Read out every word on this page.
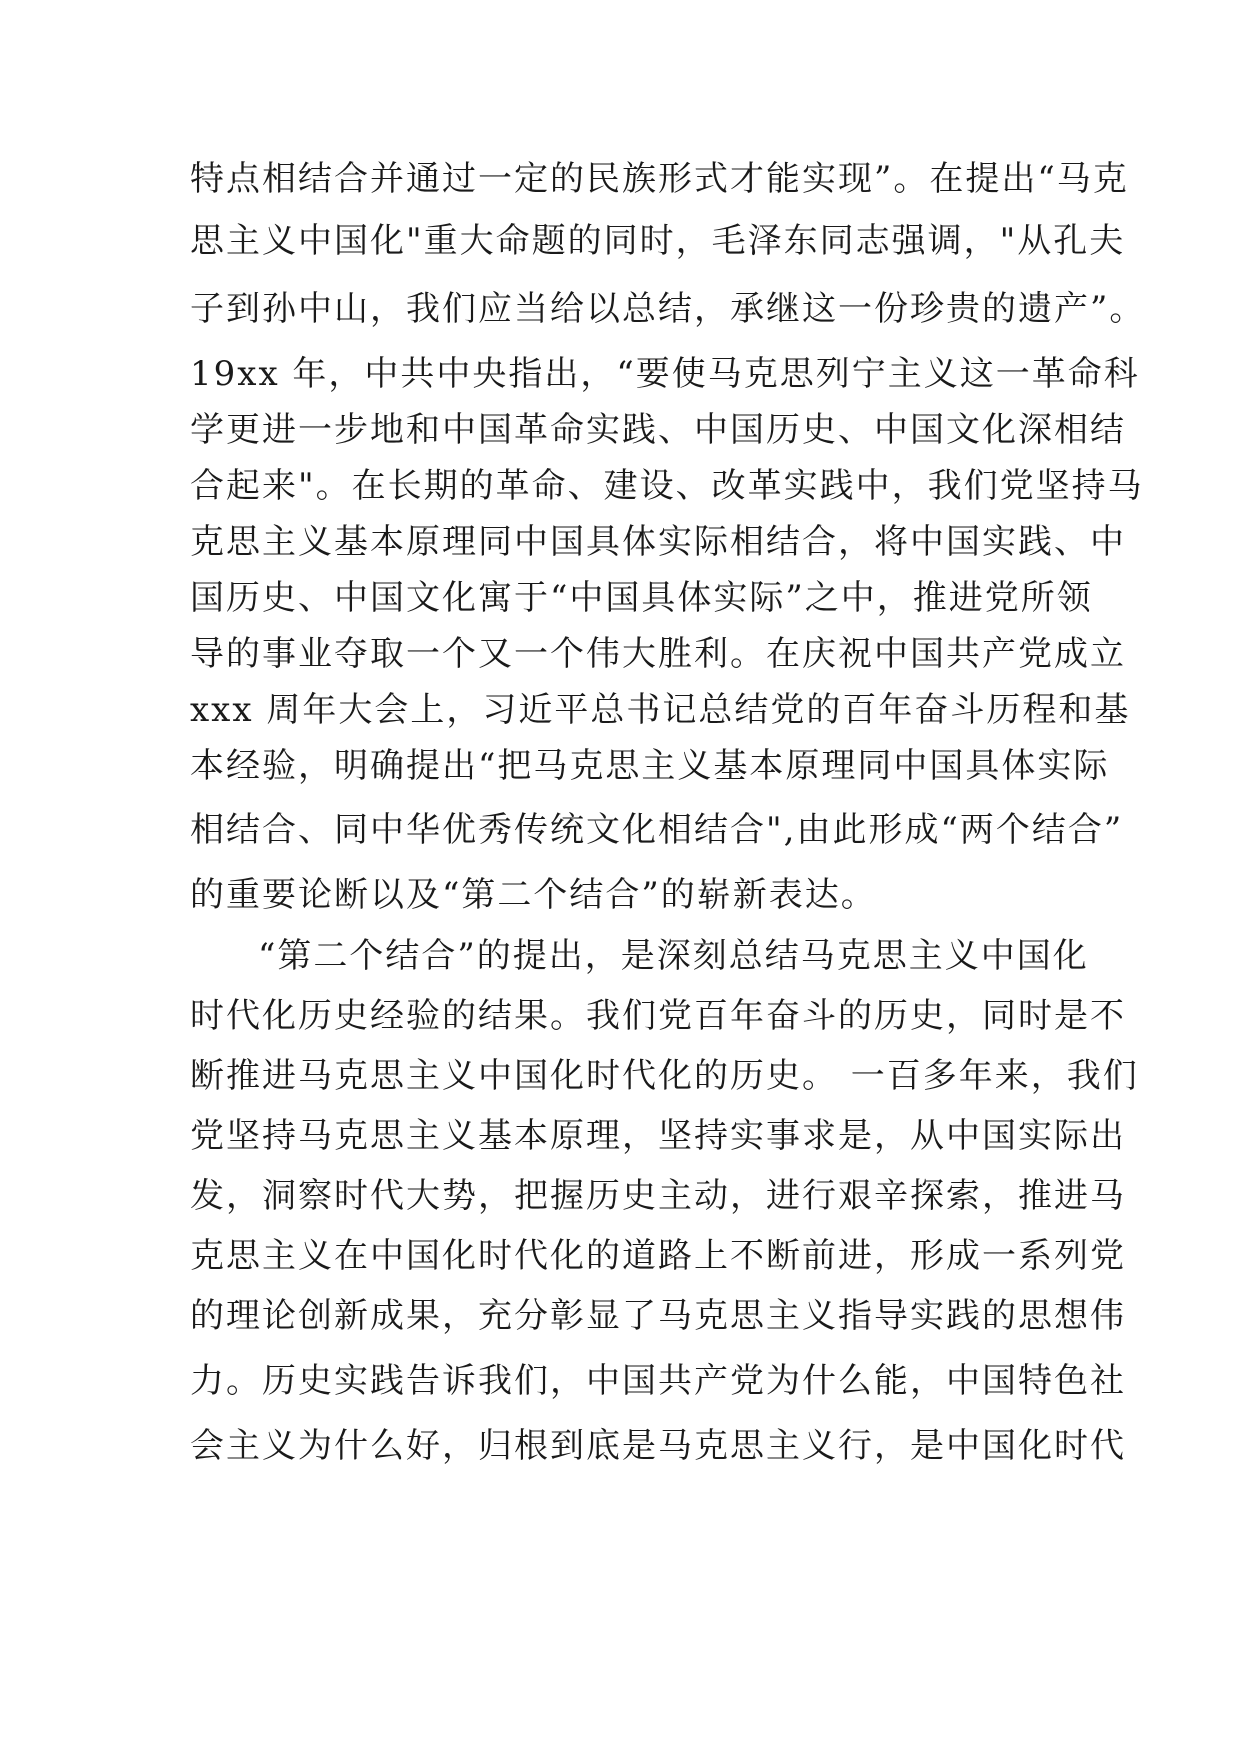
特点相结合并通过一定的民族形式才能实现”。在提出“马克
思主义中国化"重大命题的同时，毛泽东同志强调，"从孔夫
子到孙中山，我们应当给以总结，承继这一份珍贵的遗产”。
19xx 年，中共中央指出，“要使马克思列宁主义这一革命科
学更进一步地和中国革命实践、中国历史、中国文化深相结
合起来"。在长期的革命、建设、改革实践中，我们党坚持马
克思主义基本原理同中国具体实际相结合，将中国实践、中
国历史、中国文化寓于“中国具体实际”之中，推进党所领
导的事业夺取一个又一个伟大胜利。在庆祝中国共产党成立
xxx 周年大会上，习近平总书记总结党的百年奋斗历程和基
本经验，明确提出“把马克思主义基本原理同中国具体实际
相结合、同中华优秀传统文化相结合",由此形成“两个结合”
的重要论断以及“第二个结合”的崭新表达。
“第二个结合”的提出，是深刻总结马克思主义中国化
时代化历史经验的结果。我们党百年奋斗的历史，同时是不
断推进马克思主义中国化时代化的历史。 一百多年来，我们
党坚持马克思主义基本原理，坚持实事求是，从中国实际出
发，洞察时代大势，把握历史主动，进行艰辛探索，推进马
克思主义在中国化时代化的道路上不断前进，形成一系列党
的理论创新成果，充分彰显了马克思主义指导实践的思想伟
力。历史实践告诉我们，中国共产党为什么能，中国特色社
会主义为什么好，归根到底是马克思主义行，是中国化时代
